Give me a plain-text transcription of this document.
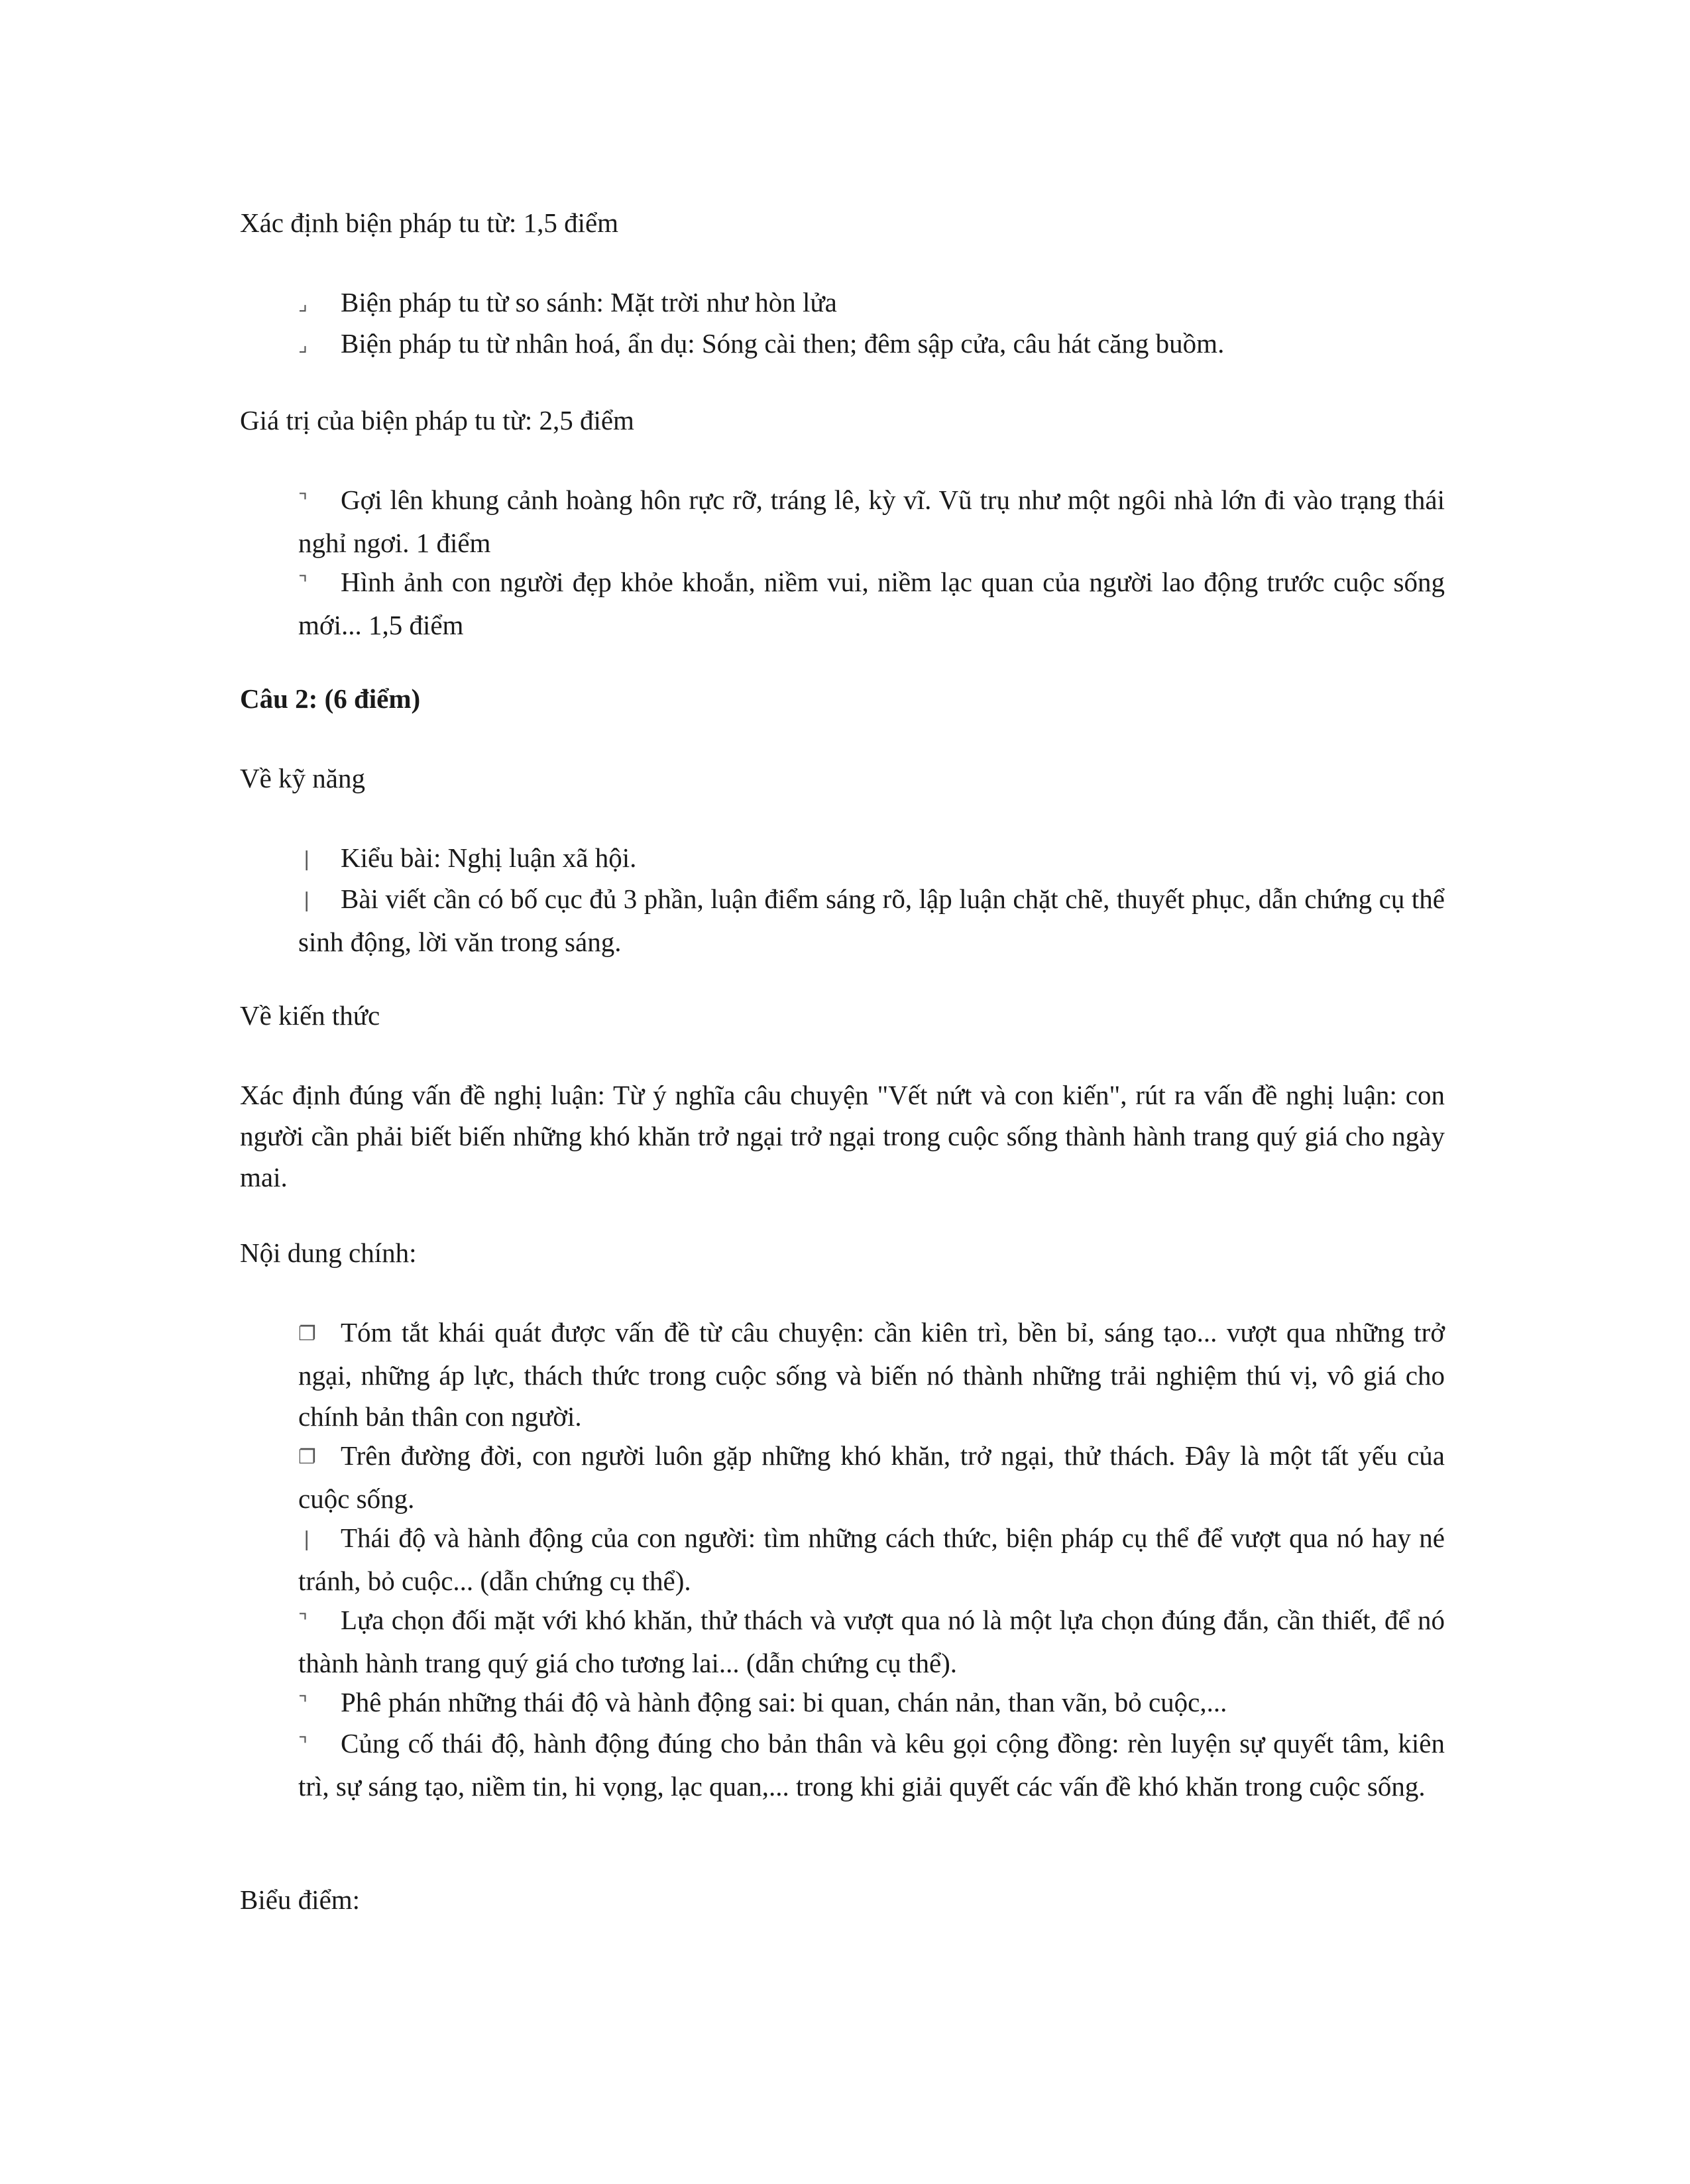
Xác định biện pháp tu từ: 1,5 điểm

⌟ Biện pháp tu từ so sánh: Mặt trời như hòn lửa

⌟ Biện pháp tu từ nhân hoá, ẩn dụ: Sóng cài then; đêm sập cửa, câu hát căng buồm.

Giá trị của biện pháp tu từ: 2,5 điểm

⌝ Gợi lên khung cảnh hoàng hôn rực rỡ, tráng lê, kỳ vĩ. Vũ trụ như một ngôi nhà lớn đi vào trạng thái nghỉ ngơi. 1 điểm

⌝ Hình ảnh con người đẹp khỏe khoắn, niềm vui, niềm lạc quan của người lao động trước cuộc sống mới... 1,5 điểm

Câu 2: (6 điểm)

Về kỹ năng

❘ Kiểu bài: Nghị luận xã hội.

❘ Bài viết cần có bố cục đủ 3 phần, luận điểm sáng rõ, lập luận chặt chẽ, thuyết phục, dẫn chứng cụ thể sinh động, lời văn trong sáng.

Về kiến thức

Xác định đúng vấn đề nghị luận: Từ ý nghĩa câu chuyện "Vết nứt và con kiến", rút ra vấn đề nghị luận: con người cần phải biết biến những khó khăn trở ngại trở ngại trong cuộc sống thành hành trang quý giá cho ngày mai.

Nội dung chính:

❐ Tóm tắt khái quát được vấn đề từ câu chuyện: cần kiên trì, bền bỉ, sáng tạo... vượt qua những trở ngại, những áp lực, thách thức trong cuộc sống và biến nó thành những trải nghiệm thú vị, vô giá cho chính bản thân con người.

❐ Trên đường đời, con người luôn gặp những khó khăn, trở ngại, thử thách. Đây là một tất yếu của cuộc sống.

❘ Thái độ và hành động của con người: tìm những cách thức, biện pháp cụ thể để vượt qua nó hay né tránh, bỏ cuộc... (dẫn chứng cụ thể).

⌝ Lựa chọn đối mặt với khó khăn, thử thách và vượt qua nó là một lựa chọn đúng đắn, cần thiết, để nó thành hành trang quý giá cho tương lai... (dẫn chứng cụ thể).

⌝ Phê phán những thái độ và hành động sai: bi quan, chán nản, than vãn, bỏ cuộc,...

⌝ Củng cố thái độ, hành động đúng cho bản thân và kêu gọi cộng đồng: rèn luyện sự quyết tâm, kiên trì, sự sáng tạo, niềm tin, hi vọng, lạc quan,... trong khi giải quyết các vấn đề khó khăn trong cuộc sống.

Biểu điểm:
